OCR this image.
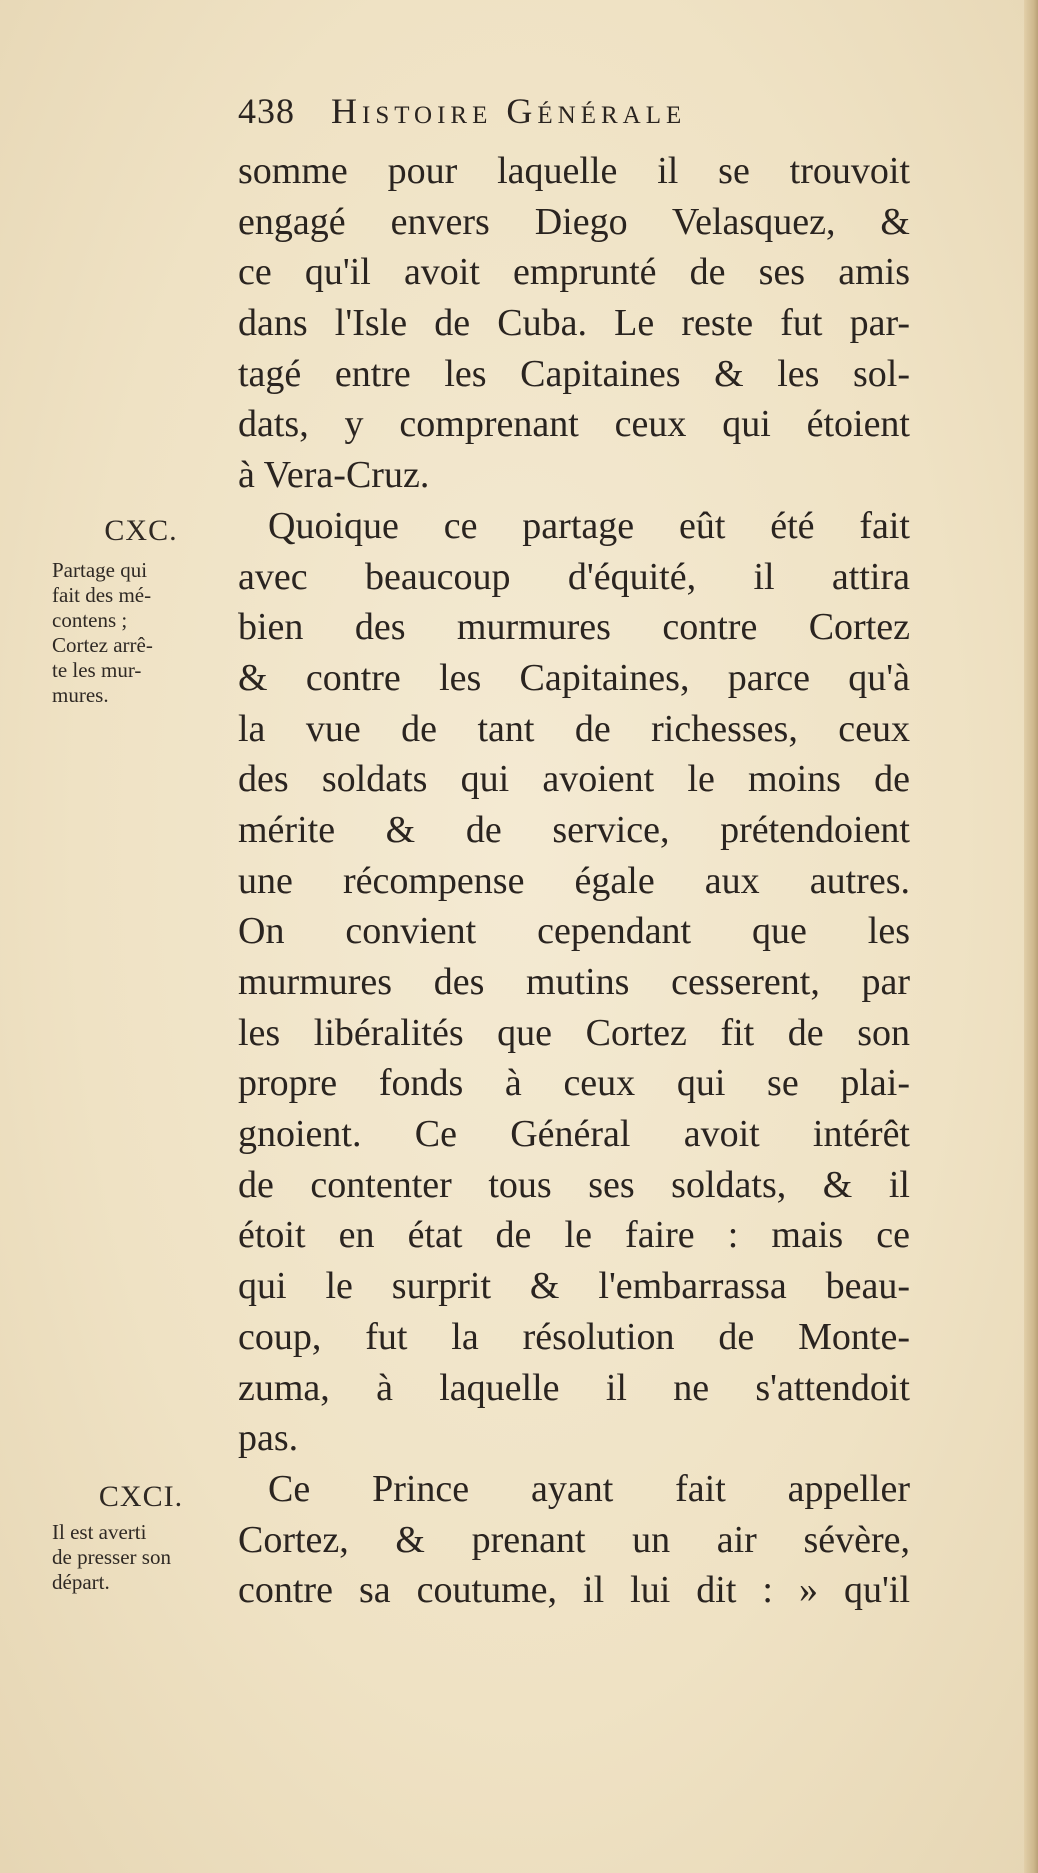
438 Histoire Générale
somme pour laquelle il se trouvoit
engagé envers Diego Velasquez, &
ce qu'il avoit emprunté de ses amis
dans l'Isle de Cuba. Le reste fut par-
tagé entre les Capitaines & les sol-
dats, y comprenant ceux qui étoient
à Vera-Cruz.
Quoique ce partage eût été fait
avec beaucoup d'équité, il attira
bien des murmures contre Cortez
& contre les Capitaines, parce qu'à
la vue de tant de richesses, ceux
des soldats qui avoient le moins de
mérite & de service, prétendoient
une récompense égale aux autres.
On convient cependant que les
murmures des mutins cesserent, par
les libéralités que Cortez fit de son
propre fonds à ceux qui se plai-
gnoient. Ce Général avoit intérêt
de contenter tous ses soldats, & il
étoit en état de le faire : mais ce
qui le surprit & l'embarrassa beau-
coup, fut la résolution de Monte-
zuma, à laquelle il ne s'attendoit
pas.
Ce Prince ayant fait appeller
Cortez, & prenant un air sévère,
contre sa coutume, il lui dit : » qu'il
CXC.
Partage qui
fait des mé-
contens ;
Cortez arrê-
te les mur-
mures.
CXCI.
Il est averti
de presser son
départ.
